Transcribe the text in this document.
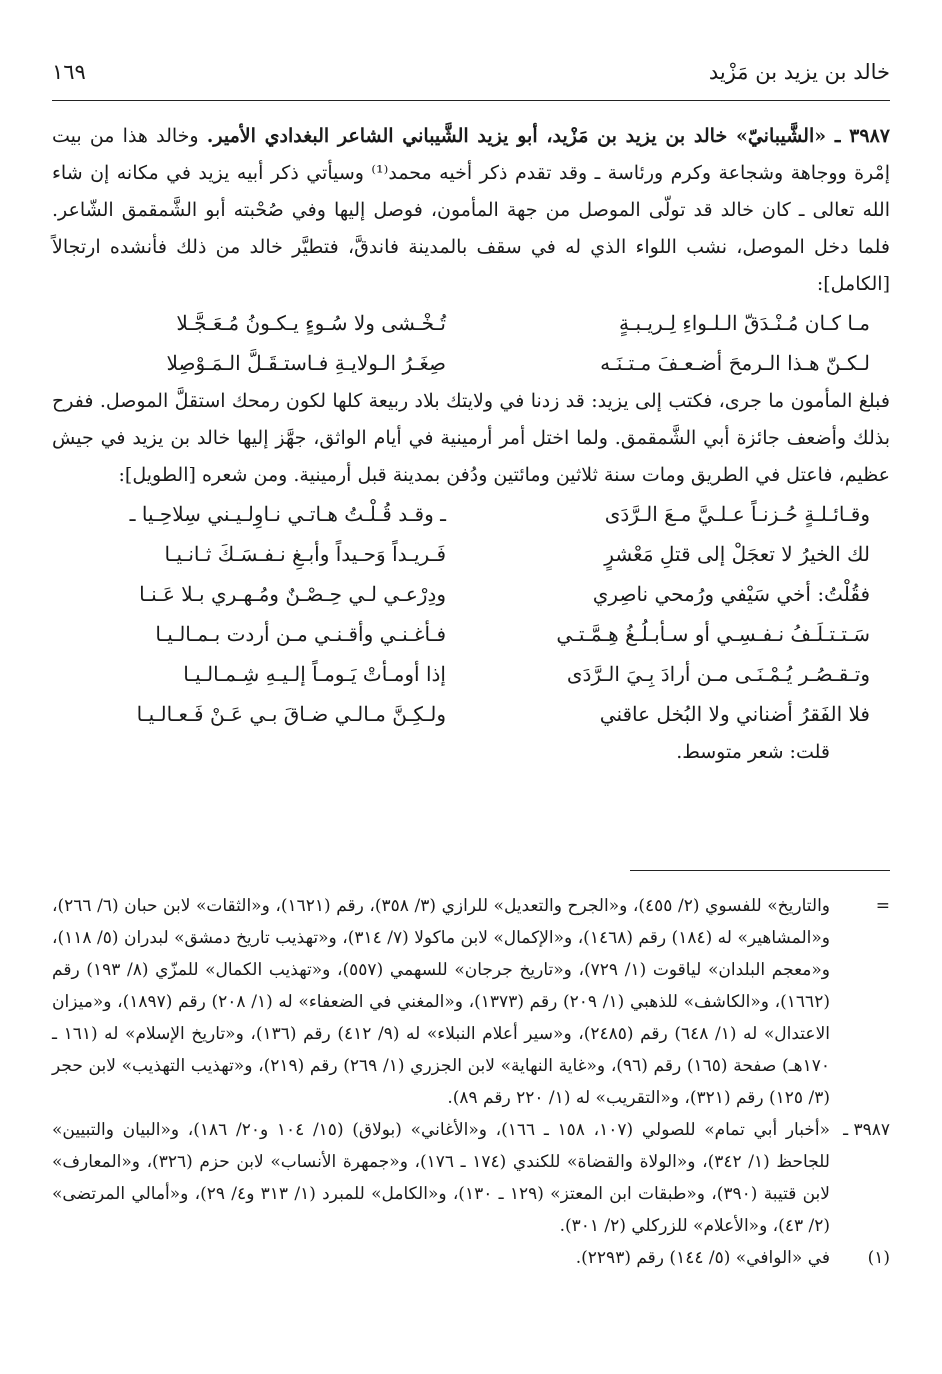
خالد بن يزيد بن مَزْيد
١٦٩

٣٩٨٧ ـ «الشَّيبانيّ» خالد بن يزيد بن مَزْيد، أبو يزيد الشَّيباني الشاعر البغدادي الأمير. وخالد هذا من بيت إمْرة ووجاهة وشجاعة وكرم ورئاسة ـ وقد تقدم ذكر أخيه محمد⁽¹⁾ وسيأتي ذكر أبيه يزيد في مكانه إن شاء الله تعالى ـ كان خالد قد تولّى الموصل من جهة المأمون، فوصل إليها وفي صُحْبته أبو الشَّمقمق الشّاعر. فلما دخل الموصل، نشب اللواء الذي له في سقف بالمدينة فاندقَّ، فتطيَّر خالد من ذلك فأنشده ارتجالاً [الكامل]:

مـا كـان مُـنْـدَقّ الـلـواءِ لِـريـبـةٍ
تُـخْـشى ولا سُـوءٍ يـكـونُ مُـعَـجَّـلا
لـكـنّ هـذا الـرمحَ أضـعـفَ مـتـنَـه
صِغَـرُ الـولايـةِ فـاستـقَـلَّ الـمَـوْصِلا

فبلغ المأمون ما جرى، فكتب إلى يزيد: قد زدنا في ولايتك بلاد ربيعة كلها لكون رمحك استقلَّ الموصل. ففرح بذلك وأضعف جائزة أبي الشَّمقمق. ولما اختل أمر أرمينية في أيام الواثق، جهَّز إليها خالد بن يزيد في جيش عظيم، فاعتل في الطريق ومات سنة ثلاثين ومائتين ودُفن بمدينة قبل أرمينية. ومن شعره [الطويل]:

وقـائـلـةٍ حُـزنـاً عـلـيَّ مـعَ الـرَّدَى
ـ وقـد قُـلْـتُ هـاتـي نـاوِلـيـني سِلاحِـيا ـ
لك الخيرُ لا تعجَلْ إلى قتلِ مَعْشرٍ
فَـريـداً وَحـيداً وأبـغِ نـفـسَـكَ ثـانـيـا
فقُلْتُ: أخي سَيْفي ورُمحي ناصِري
ودِرْعـي لـي حِـصْـنٌ ومُـهـري بـلا عَـنـا
سَـتـتـلَـفُ نـفـسِـي أو سـأبـلُـغُ هِـمَّـتـي
فـأغـنـي وأقـنـي مـن أردت بـمـالـيـا
وتـقـصُـر يُـمْـنَـى مـن أرادَ بِـيَ الـرَّدَى
إذا أومـأتْ يَـومـاً إلـيـهِ شِـمـالـيـا
فلا الفَقرُ أضناني ولا البُخل عاقني
ولـكِـنَّ مـالـي ضـاقَ بـي عَـنْ فَـعـالـيـا

قلت: شعر متوسط.

=
والتاريخ» للفسوي (٢/ ٤٥٥)، و«الجرح والتعديل» للرازي (٣/ ٣٥٨)، رقم (١٦٢١)، و«الثقات» لابن حبان (٦/ ٢٦٦)، و«المشاهير» له (١٨٤) رقم (١٤٦٨)، و«الإكمال» لابن ماكولا (٧/ ٣١٤)، و«تهذيب تاريخ دمشق» لبدران (٥/ ١١٨)، و«معجم البلدان» لياقوت (١/ ٧٢٩)، و«تاريخ جرجان» للسهمي (٥٥٧)، و«تهذيب الكمال» للمزّي (٨/ ١٩٣) رقم (١٦٦٢)، و«الكاشف» للذهبي (١/ ٢٠٩) رقم (١٣٧٣)، و«المغني في الضعفاء» له (١/ ٢٠٨) رقم (١٨٩٧)، و«ميزان الاعتدال» له (١/ ٦٤٨) رقم (٢٤٨٥)، و«سير أعلام النبلاء» له (٩/ ٤١٢) رقم (١٣٦)، و«تاريخ الإسلام» له (١٦١ ـ ١٧٠هـ) صفحة (١٦٥) رقم (٩٦)، و«غاية النهاية» لابن الجزري (١/ ٢٦٩) رقم (٢١٩)، و«تهذيب التهذيب» لابن حجر (٣/ ١٢٥) رقم (٣٢١)، و«التقريب» له (١/ ٢٢٠ رقم ٨٩).
٣٩٨٧ ـ
«أخبار أبي تمام» للصولي (١٠٧، ١٥٨ ـ ١٦٦)، و«الأغاني» (بولاق) (١٥/ ١٠٤ و٢٠/ ١٨٦)، و«البيان والتبيين» للجاحظ (١/ ٣٤٢)، و«الولاة والقضاة» للكندي (١٧٤ ـ ١٧٦)، و«جمهرة الأنساب» لابن حزم (٣٢٦)، و«المعارف» لابن قتيبة (٣٩٠)، و«طبقات ابن المعتز» (١٢٩ ـ ١٣٠)، و«الكامل» للمبرد (١/ ٣١٣ و٤/ ٢٩)، و«أمالي المرتضى» (٢/ ٤٣)، و«الأعلام» للزركلي (٢/ ٣٠١).
(١)
في «الوافي» (٥/ ١٤٤) رقم (٢٢٩٣).
